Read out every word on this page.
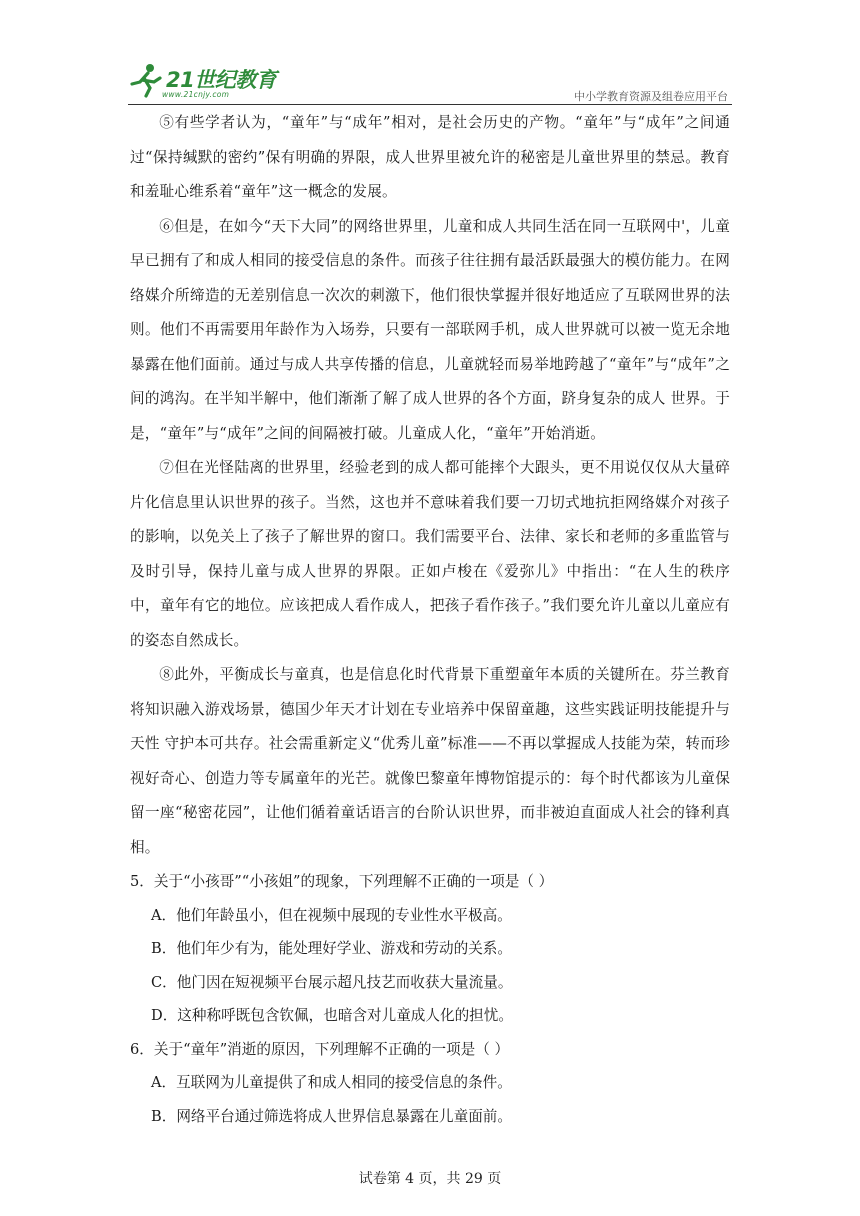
21世纪教育
www.21cnjy.com	中小学教育资源及组卷应用平台

⑤有些学者认为，“童年”与“成年”相对，是社会历史的产物。“童年”与“成年”之间通 过“保持缄默的密约”保有明确的界限，成人世界里被允许的秘密是儿童世界里的禁忌。教育和羞耻心维系着“童年”这一概念的发展。

⑥但是，在如今“天下大同”的网络世界里，儿童和成人共同生活在同一互联网中'，儿童早已拥有了和成人相同的接受信息的条件。而孩子往往拥有最活跃最强大的模仿能力。在网络媒介所缔造的无差别信息一次次的刺激下，他们很快掌握并很好地适应了互联网世界的法则。他们不再需要用年龄作为入场券，只要有一部联网手机，成人世界就可以被一览无余地暴露在他们面前。通过与成人共享传播的信息，儿童就轻而易举地跨越了“童年”与“成年”之间的鸿沟。在半知半解中，他们渐渐了解了成人世界的各个方面，跻身复杂的成人 世界。于是，“童年”与“成年”之间的间隔被打破。儿童成人化，“童年”开始消逝。

⑦但在光怪陆离的世界里，经验老到的成人都可能摔个大跟头，更不用说仅仅从大量碎片化信息里认识世界的孩子。当然，这也并不意味着我们要一刀切式地抗拒网络媒介对孩子的影响，以免关上了孩子了解世界的窗口。我们需要平台、法律、家长和老师的多重监管与及时引导，保持儿童与成人世界的界限。正如卢梭在《爱弥儿》中指出：“在人生的秩序 中，童年有它的地位。应该把成人看作成人，把孩子看作孩子。”我们要允许儿童以儿童应有的姿态自然成长。

⑧此外，平衡成长与童真，也是信息化时代背景下重塑童年本质的关键所在。芬兰教育将知识融入游戏场景，德国少年天才计划在专业培养中保留童趣，这些实践证明技能提升与天性 守护本可共存。社会需重新定义“优秀儿童”标准——不再以掌握成人技能为荣，转而珍视好奇心、创造力等专属童年的光芒。就像巴黎童年博物馆提示的：每个时代都该为儿童保留一座“秘密花园”，让他们循着童话语言的台阶认识世界，而非被迫直面成人社会的锋利真相。

5．关于“小孩哥”“小孩姐”的现象，下列理解不正确的一项是（ ）

A．他们年龄虽小，但在视频中展现的专业性水平极高。

B．他们年少有为，能处理好学业、游戏和劳动的关系。

C．他门因在短视频平台展示超凡技艺而收获大量流量。

D．这种称呼既包含钦佩，也暗含对儿童成人化的担忧。

6．关于“童年”消逝的原因，下列理解不正确的一项是（ ）

A．互联网为儿童提供了和成人相同的接受信息的条件。

B．网络平台通过筛选将成人世界信息暴露在儿童面前。

试卷第 4 页，共 29 页
